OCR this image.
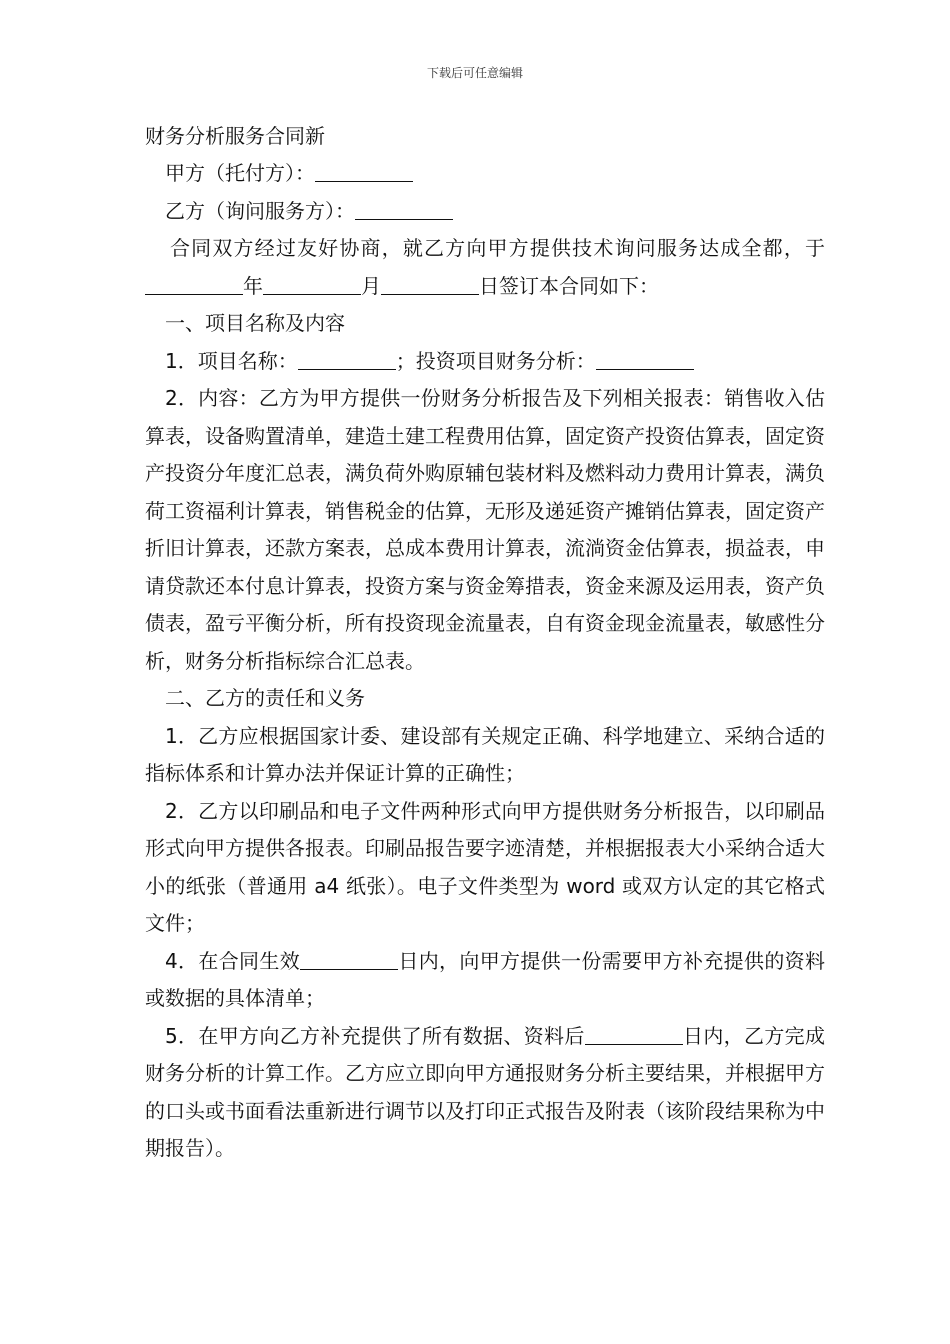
下载后可任意编辑
财务分析服务合同新

甲方（托付方）：

乙方（询问服务方）：

合同双方经过友好协商，就乙方向甲方提供技术询问服务达成全都，于年	月	日签订本合同如下：

一、项目名称及内容

1．项目名称：	；投资项目财务分析：

2．内容：乙方为甲方提供一份财务分析报告及下列相关报表：销售收入估算表，设备购置清单，建造土建工程费用估算，固定资产投资估算表，固定资产投资分年度汇总表，满负荷外购原辅包装材料及燃料动力费用计算表，满负荷工资福利计算表，销售税金的估算，无形及递延资产摊销估算表，固定资产折旧计算表，还款方案表，总成本费用计算表，流淌资金估算表，损益表，申请贷款还本付息计算表，投资方案与资金筹措表，资金来源及运用表，资产负债表，盈亏平衡分析，所有投资现金流量表，自有资金现金流量表，敏感性分析，财务分析指标综合汇总表。

二、乙方的责任和义务

1．乙方应根据国家计委、建设部有关规定正确、科学地建立、采纳合适的指标体系和计算办法并保证计算的正确性；

2．乙方以印刷品和电子文件两种形式向甲方提供财务分析报告，以印刷品形式向甲方提供各报表。印刷品报告要字迹清楚，并根据报表大小采纳合适大小的纸张（普通用 a4 纸张）。电子文件类型为 word 或双方认定的其它格式文件；

4．在合同生效	日内，向甲方提供一份需要甲方补充提供的资料或数据的具体清单；

5．在甲方向乙方补充提供了所有数据、资料后	日内，乙方完成财务分析的计算工作。乙方应立即向甲方通报财务分析主要结果，并根据甲方的口头或书面看法重新进行调节以及打印正式报告及附表（该阶段结果称为中期报告）。
